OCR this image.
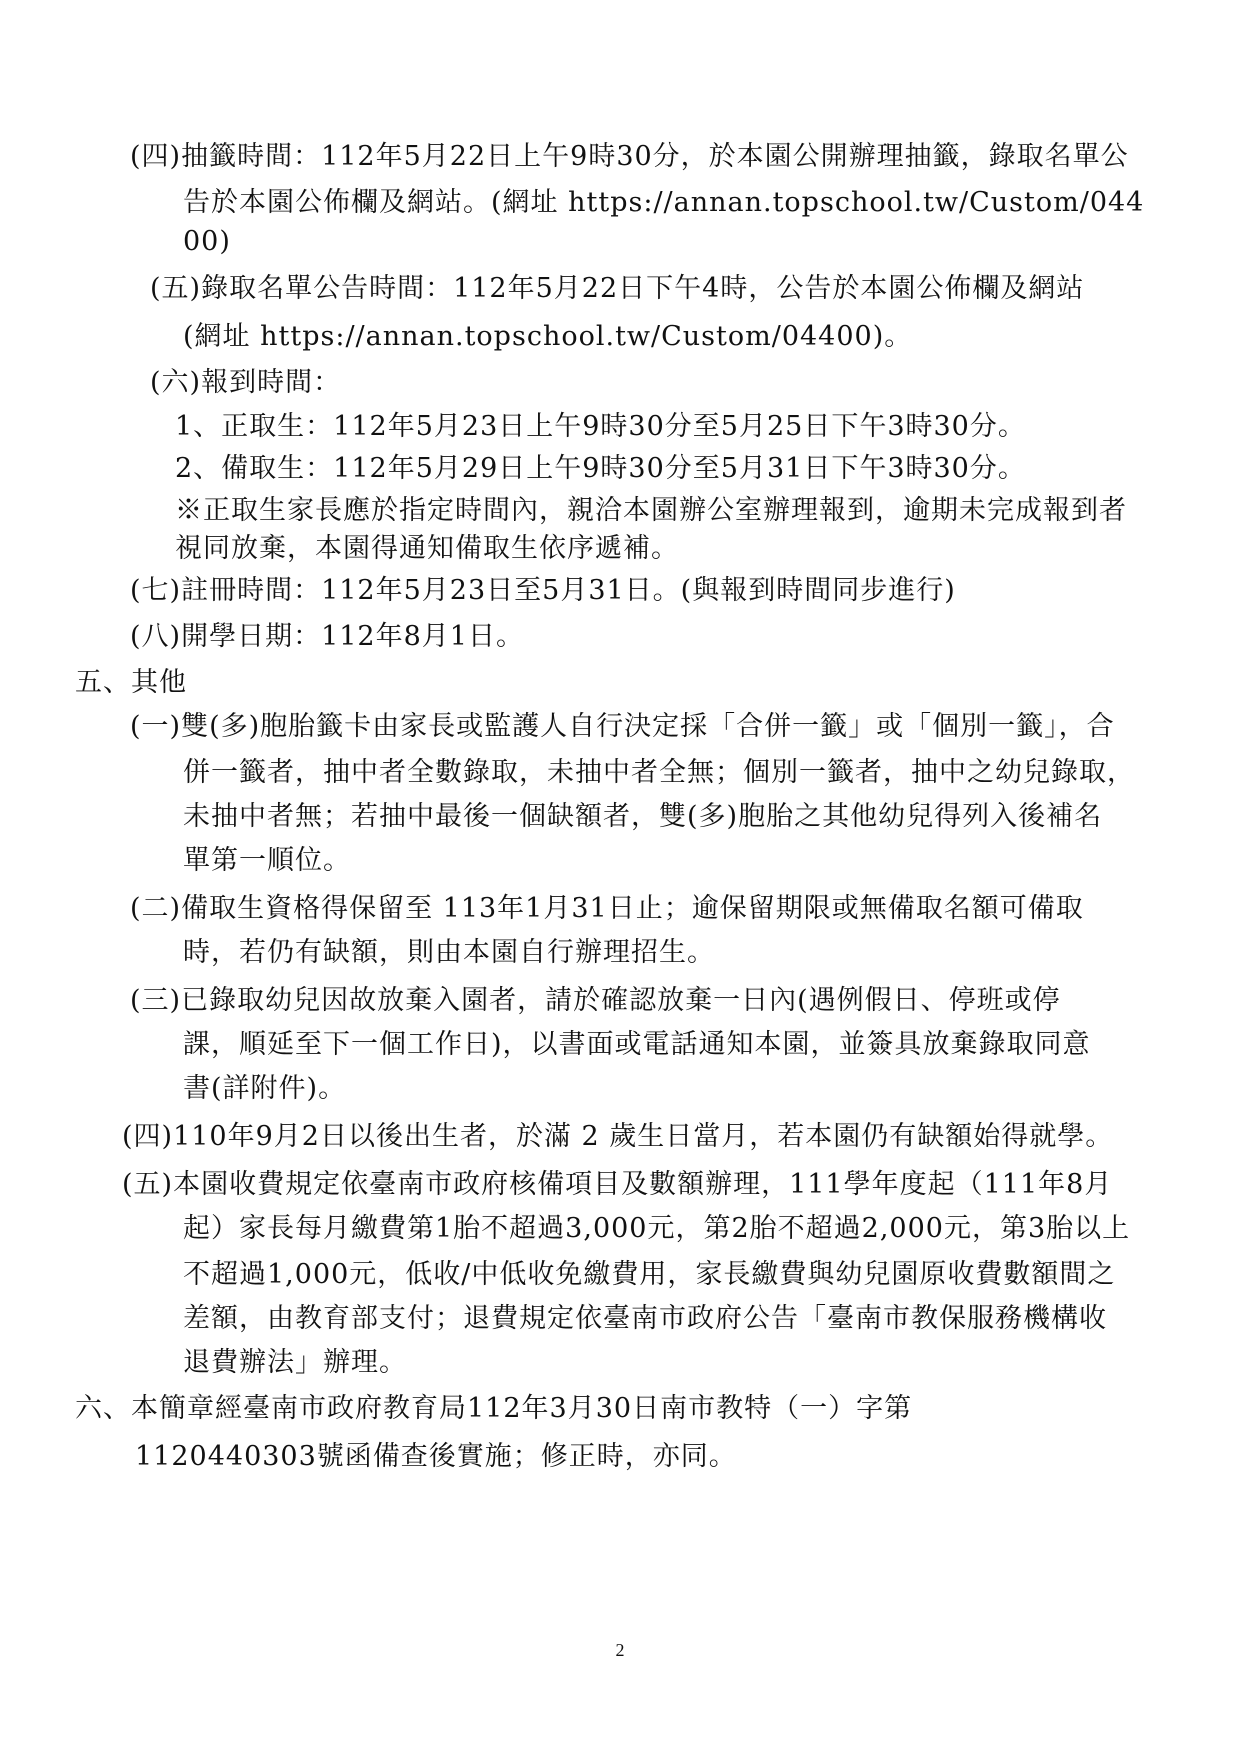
(四)抽籤時間：112年5月22日上午9時30分，於本園公開辦理抽籤，錄取名單公
告於本園公佈欄及網站。(網址 https://annan.topschool.tw/Custom/044
00)
(五)錄取名單公告時間：112年5月22日下午4時，公告於本園公佈欄及網站
(網址 https://annan.topschool.tw/Custom/04400)。
(六)報到時間：
1、正取生：112年5月23日上午9時30分至5月25日下午3時30分。
2、備取生：112年5月29日上午9時30分至5月31日下午3時30分。
※正取生家長應於指定時間內，親洽本園辦公室辦理報到，逾期未完成報到者
視同放棄，本園得通知備取生依序遞補。
(七)註冊時間：112年5月23日至5月31日。(與報到時間同步進行)
(八)開學日期：112年8月1日。
五、其他
(一)雙(多)胞胎籤卡由家長或監護人自行決定採「合併一籤」或「個別一籤」，合
併一籤者，抽中者全數錄取，未抽中者全無；個別一籤者，抽中之幼兒錄取，
未抽中者無；若抽中最後一個缺額者，雙(多)胞胎之其他幼兒得列入後補名
單第一順位。
(二)備取生資格得保留至 113年1月31日止；逾保留期限或無備取名額可備取
時，若仍有缺額，則由本園自行辦理招生。
(三)已錄取幼兒因故放棄入園者，請於確認放棄一日內(遇例假日、停班或停
課，順延至下一個工作日)，以書面或電話通知本園，並簽具放棄錄取同意
書(詳附件)。
(四)110年9月2日以後出生者，於滿 2 歲生日當月，若本園仍有缺額始得就學。
(五)本園收費規定依臺南市政府核備項目及數額辦理，111學年度起（111年8月
起）家長每月繳費第1胎不超過3,000元，第2胎不超過2,000元，第3胎以上
不超過1,000元，低收/中低收免繳費用，家長繳費與幼兒園原收費數額間之
差額，由教育部支付；退費規定依臺南市政府公告「臺南市教保服務機構收
退費辦法」辦理。
六、本簡章經臺南市政府教育局112年3月30日南市教特（一）字第
1120440303號函備查後實施；修正時，亦同。
2
